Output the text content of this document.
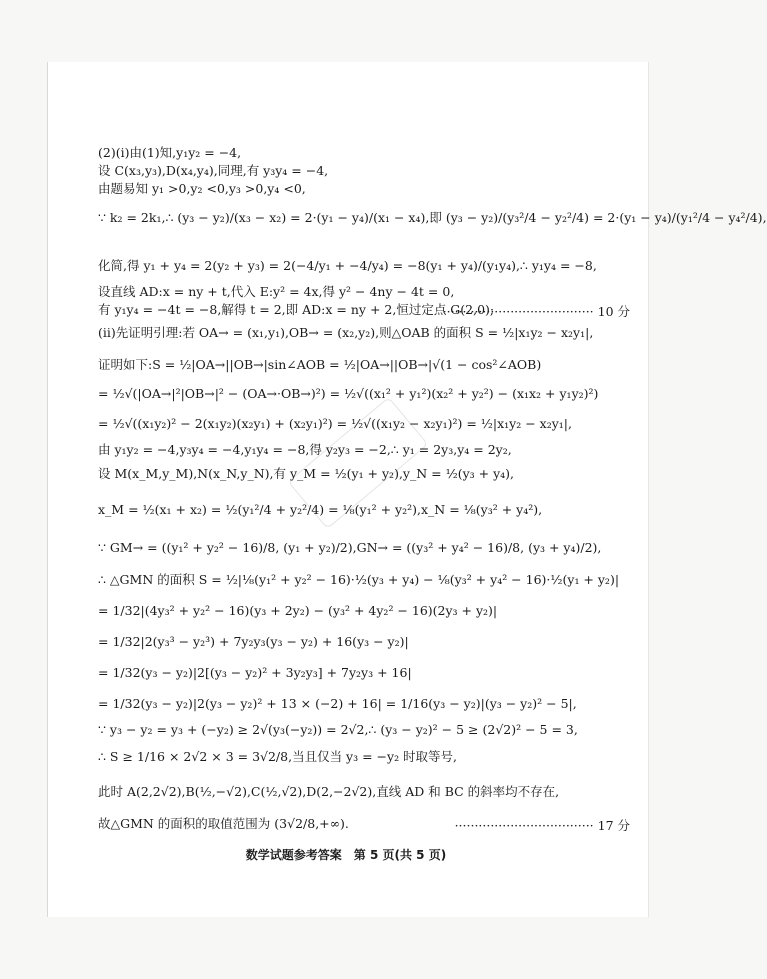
(2)(ⅰ)由(1)知,y₁y₂ = −4,
设 C(x₃,y₃),D(x₄,y₄),同理,有 y₃y₄ = −4,
由题易知 y₁ >0,y₂ <0,y₃ >0,y₄ <0,
∵ k₂ = 2k₁,∴ (y₃ − y₂)/(x₃ − x₂) = 2·(y₁ − y₄)/(x₁ − x₄),即 (y₃ − y₂)/(y₃²/4 − y₂²/4) = 2·(y₁ − y₄)/(y₁²/4 − y₄²/4),
化简,得 y₁ + y₄ = 2(y₂ + y₃) = 2(−4/y₁ + −4/y₄) = −8(y₁ + y₄)/(y₁y₄),∴ y₁y₄ = −8,
设直线 AD:x = ny + t,代入 E:y² = 4x,得 y² − 4ny − 4t = 0,
有 y₁y₄ = −4t = −8,解得 t = 2,即 AD:x = ny + 2,恒过定点 G(2,0);
······································ 10 分
(ⅱ)先证明引理:若 OA→ = (x₁,y₁),OB→ = (x₂,y₂),则△OAB 的面积 S = ½|x₁y₂ − x₂y₁|,
证明如下:S = ½|OA→||OB→|sin∠AOB = ½|OA→||OB→|√(1 − cos²∠AOB)
= ½√(|OA→|²|OB→|² − (OA→·OB→)²) = ½√((x₁² + y₁²)(x₂² + y₂²) − (x₁x₂ + y₁y₂)²)
= ½√((x₁y₂)² − 2(x₁y₂)(x₂y₁) + (x₂y₁)²) = ½√((x₁y₂ − x₂y₁)²) = ½|x₁y₂ − x₂y₁|,
由 y₁y₂ = −4,y₃y₄ = −4,y₁y₄ = −8,得 y₂y₃ = −2,∴ y₁ = 2y₃,y₄ = 2y₂,
设 M(x_M,y_M),N(x_N,y_N),有 y_M = ½(y₁ + y₂),y_N = ½(y₃ + y₄),
x_M = ½(x₁ + x₂) = ½(y₁²/4 + y₂²/4) = ⅛(y₁² + y₂²),x_N = ⅛(y₃² + y₄²),
∵ GM→ = ((y₁² + y₂² − 16)/8, (y₁ + y₂)/2),GN→ = ((y₃² + y₄² − 16)/8, (y₃ + y₄)/2),
∴ △GMN 的面积 S = ½|⅛(y₁² + y₂² − 16)·½(y₃ + y₄) − ⅛(y₃² + y₄² − 16)·½(y₁ + y₂)|
= 1/32|(4y₃² + y₂² − 16)(y₃ + 2y₂) − (y₃² + 4y₂² − 16)(2y₃ + y₂)|
= 1/32|2(y₃³ − y₂³) + 7y₂y₃(y₃ − y₂) + 16(y₃ − y₂)|
= 1/32(y₃ − y₂)|2[(y₃ − y₂)² + 3y₂y₃] + 7y₂y₃ + 16|
= 1/32(y₃ − y₂)|2(y₃ − y₂)² + 13 × (−2) + 16| = 1/16(y₃ − y₂)|(y₃ − y₂)² − 5|,
∵ y₃ − y₂ = y₃ + (−y₂) ≥ 2√(y₃(−y₂)) = 2√2,∴ (y₃ − y₂)² − 5 ≥ (2√2)² − 5 = 3,
∴ S ≥ 1/16 × 2√2 × 3 = 3√2/8,当且仅当 y₃ = −y₂ 时取等号,
此时 A(2,2√2),B(½,−√2),C(½,√2),D(2,−2√2),直线 AD 和 BC 的斜率均不存在,
故△GMN 的面积的取值范围为 (3√2/8,+∞).	··································· 17 分
数学试题参考答案　第 5 页(共 5 页)
